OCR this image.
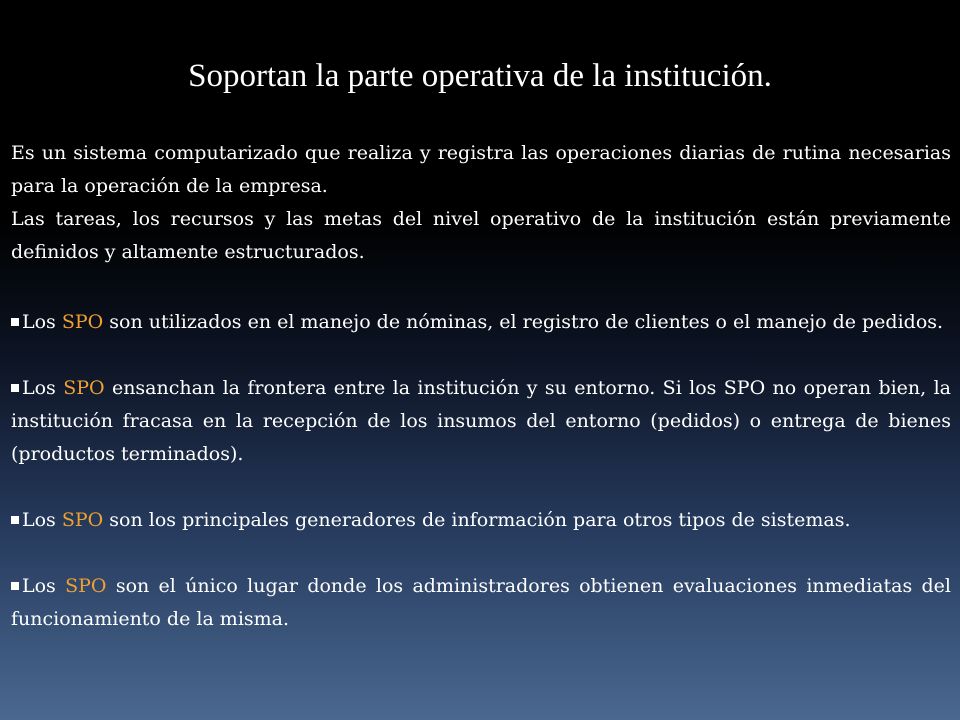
Soportan la parte operativa de la institución.

Es un sistema computarizado que realiza y registra las operaciones diarias de rutina necesarias para la operación de la empresa.

Las tareas, los recursos y las metas del nivel operativo de la institución están previamente definidos y altamente estructurados.

Los SPO son utilizados en el manejo de nóminas, el registro de clientes o el manejo de pedidos.
Los SPO ensanchan la frontera entre la institución y su entorno. Si los SPO no operan bien, la institución fracasa en la recepción de los insumos del entorno (pedidos) o entrega de bienes (productos terminados).
Los SPO son los principales generadores de información para otros tipos de sistemas.
Los SPO son el único lugar donde los administradores obtienen evaluaciones inmediatas del funcionamiento de la misma.
